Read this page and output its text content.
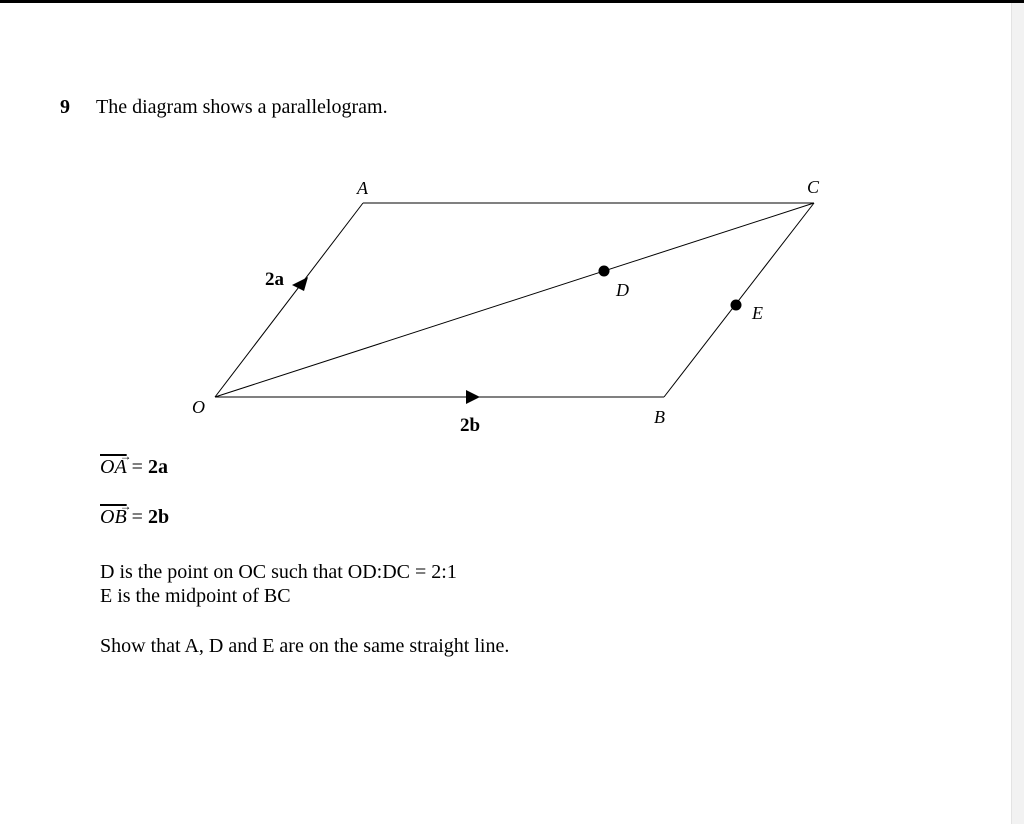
9 The diagram shows a parallelogram.
A	C
O	B
D
E
2a
2b
OA
→ = 2a
OB
→ = 2b
D is the point on OC such that OD:DC = 2:1
E is the midpoint of BC
Show that A, D and E are on the same straight line.
